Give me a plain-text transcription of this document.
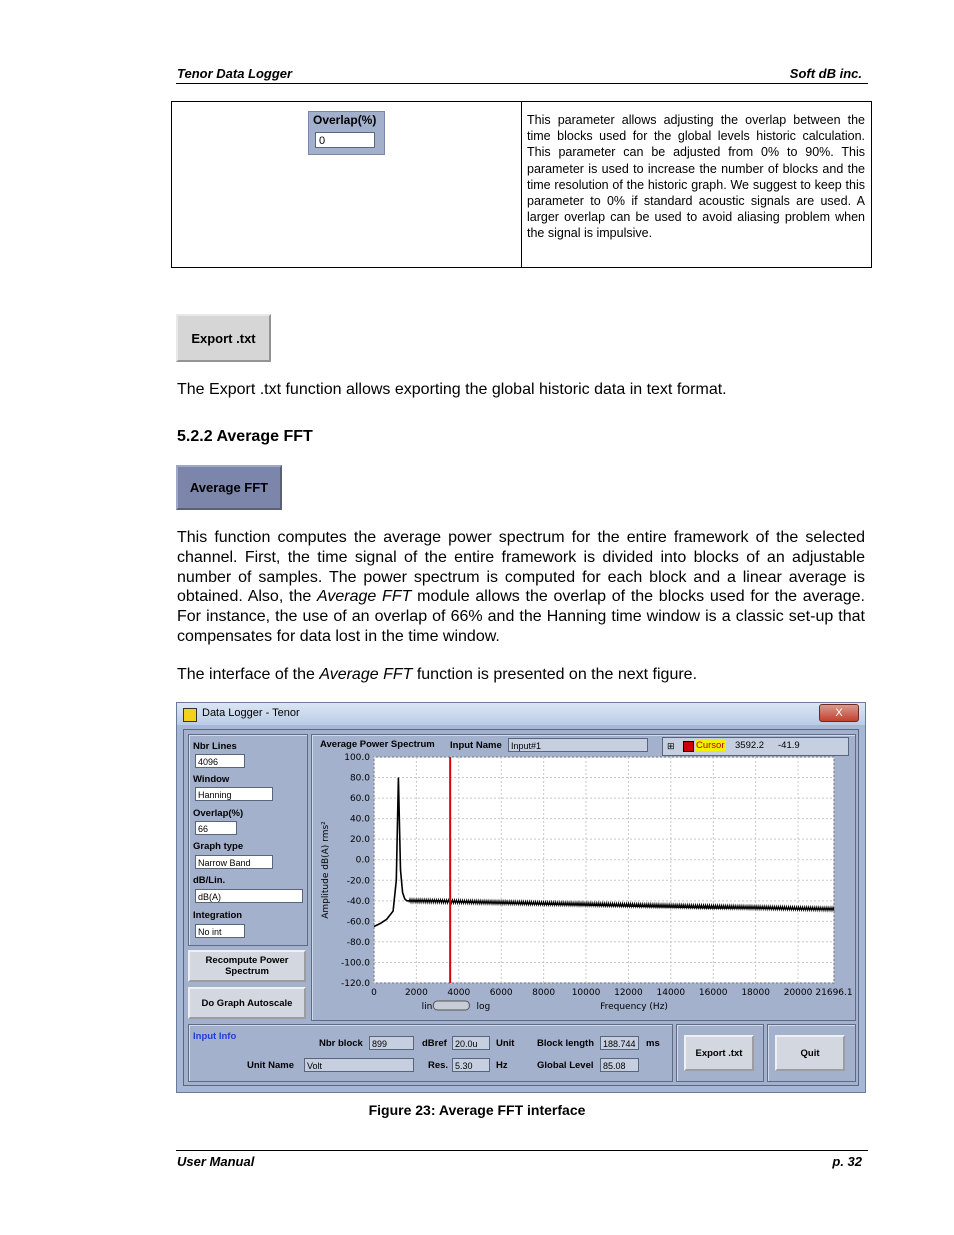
Tenor Data Logger	Soft dB inc.
This parameter allows adjusting the overlap between the time blocks used for the global levels historic calculation. This parameter can be adjusted from 0% to 90%. This parameter is used to increase the number of blocks and the time resolution of the historic graph. We suggest to keep this parameter to 0% if standard acoustic signals are used. A larger overlap can be used to avoid aliasing problem when the signal is impulsive.
Overlap(%)
0
Export .txt
The Export .txt function allows exporting the global historic data in text format.
5.2.2 Average FFT
Average FFT
This function computes the average power spectrum for the entire framework of the selected channel. First, the time signal of the entire framework is divided into blocks of an adjustable number of samples. The power spectrum is computed for each block and a linear average is obtained. Also, the Average FFT module allows the overlap of the blocks used for the average. For instance, the use of an overlap of 66% and the Hanning time window is a classic set-up that compensates for data lost in the time window.
The interface of the Average FFT function is presented on the next figure.
Data Logger - Tenor	X
Nbr Lines
4096
Window
Hanning
Overlap(%)
66
Graph type
Narrow Band
dB/Lin.
dB(A)
Integration
No int
Recompute Power Spectrum
Do Graph Autoscale
Average Power Spectrum Input Name	Input#1	⊞ Cursor 3592.2 -41.9
100.0
80.0
60.0
40.0
20.0
0.0
-20.0
-40.0
-60.0
-80.0
-100.0
-120.0
0	2000 4000 6000 8000 10000 12000 14000 16000 18000 20000 21696.1
Frequency (Hz)
Amplitude dB(A) rms²
lin	log
Input Info
Nbr block	899	dBref 20.0u	Unit Block length 188.744	ms
Unit Name	Volt	Res. 5.30	Hz	Global Level	85.08
Export .txt	Quit
Figure 23: Average FFT interface
User Manual	p. 32
